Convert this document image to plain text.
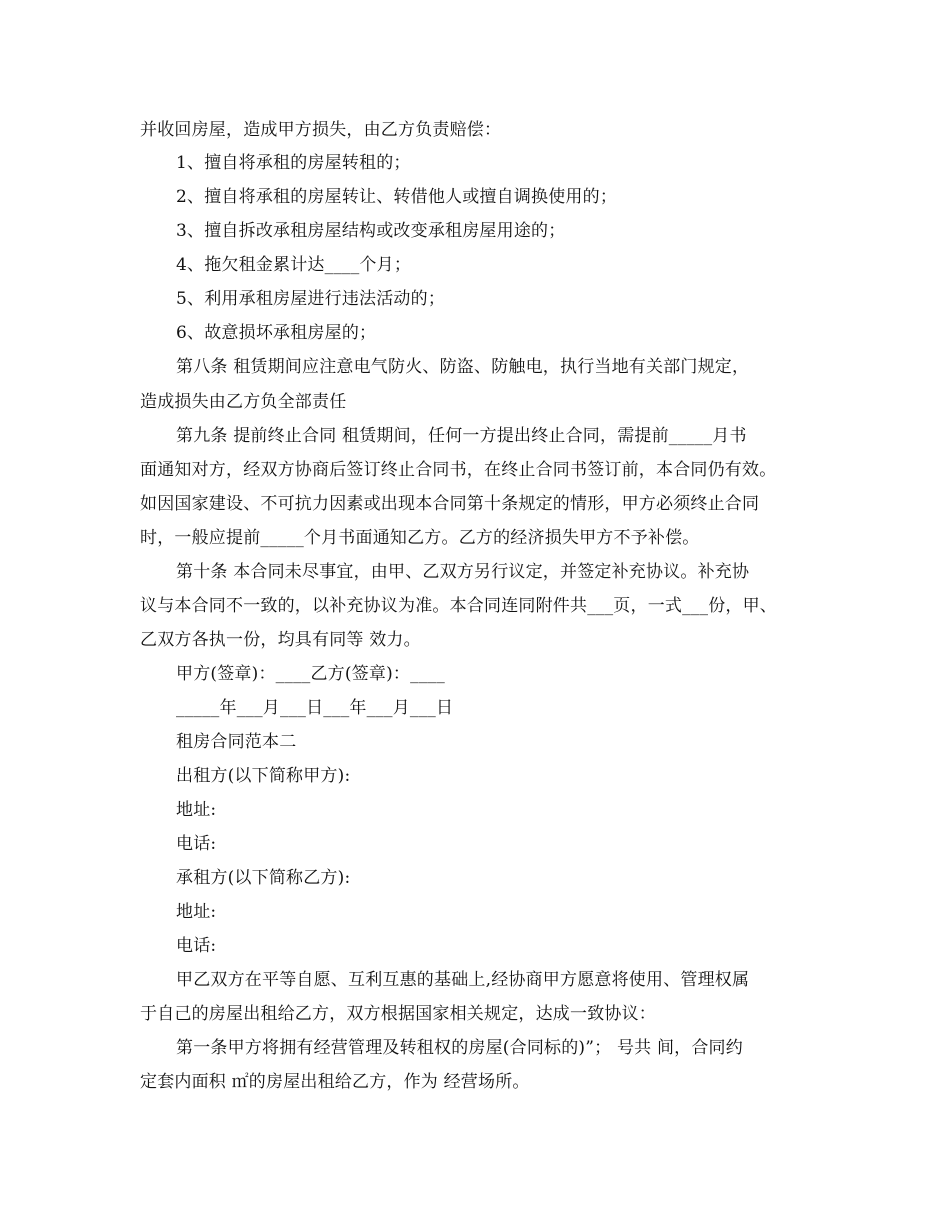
并收回房屋，造成甲方损失，由乙方负责赔偿：
1、擅自将承租的房屋转租的；
2、擅自将承租的房屋转让、转借他人或擅自调换使用的；
3、擅自拆改承租房屋结构或改变承租房屋用途的；
4、拖欠租金累计达____个月；
5、利用承租房屋进行违法活动的；
6、故意损坏承租房屋的；
第八条 租赁期间应注意电气防火、防盗、防触电，执行当地有关部门规定，
造成损失由乙方负全部责任
第九条 提前终止合同 租赁期间，任何一方提出终止合同，需提前_____月书
面通知对方，经双方协商后签订终止合同书，在终止合同书签订前，本合同仍有效。
如因国家建设、不可抗力因素或出现本合同第十条规定的情形，甲方必须终止合同
时，一般应提前_____个月书面通知乙方。乙方的经济损失甲方不予补偿。
第十条 本合同未尽事宜，由甲、乙双方另行议定，并签定补充协议。补充协
议与本合同不一致的，以补充协议为准。本合同连同附件共___页，一式___份，甲、
乙双方各执一份，均具有同等 效力。
甲方(签章)：____乙方(签章)：____
_____年___月___日___年___月___日
租房合同范本二
出租方(以下简称甲方):
地址:
电话:
承租方(以下简称乙方):
地址:
电话:
甲乙双方在平等自愿、互利互惠的基础上,经协商甲方愿意将使用、管理权属
于自己的房屋出租给乙方，双方根据国家相关规定，达成一致协议：
第一条甲方将拥有经营管理及转租权的房屋(合同标的)”； 号共 间，合同约
定套内面积 ㎡的房屋出租给乙方，作为 经营场所。
